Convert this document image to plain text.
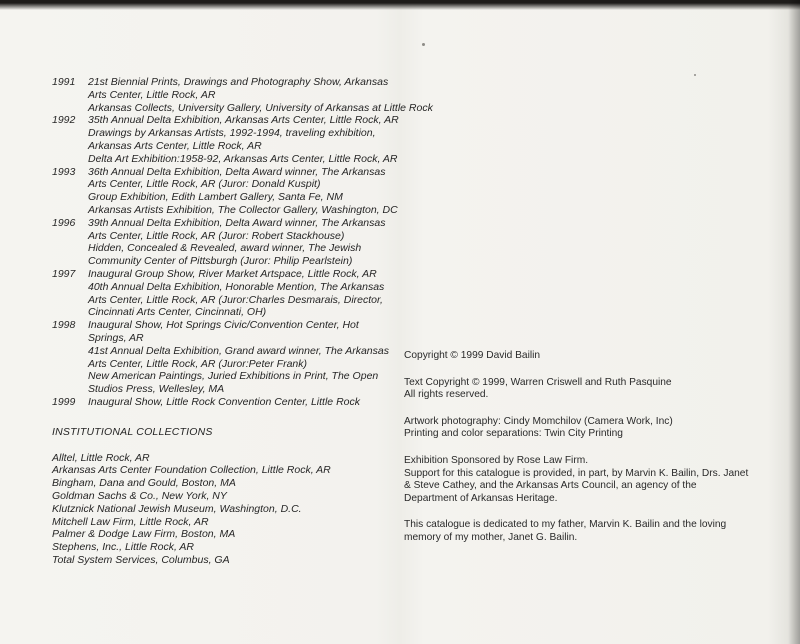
1991	21st Biennial Prints, Drawings and Photography Show, Arkansas
Arts Center, Little Rock, AR
Arkansas Collects, University Gallery, University of Arkansas at Little Rock
1992	35th Annual Delta Exhibition, Arkansas Arts Center, Little Rock, AR
Drawings by Arkansas Artists, 1992-1994, traveling exhibition,
Arkansas Arts Center, Little Rock, AR
Delta Art Exhibition:1958-92, Arkansas Arts Center, Little Rock, AR
1993	36th Annual Delta Exhibition, Delta Award winner, The Arkansas
Arts Center, Little Rock, AR (Juror: Donald Kuspit)
Group Exhibition, Edith Lambert Gallery, Santa Fe, NM
Arkansas Artists Exhibition, The Collector Gallery, Washington, DC
1996	39th Annual Delta Exhibition, Delta Award winner, The Arkansas
Arts Center, Little Rock, AR (Juror: Robert Stackhouse)
Hidden, Concealed & Revealed, award winner, The Jewish
Community Center of Pittsburgh (Juror: Philip Pearlstein)
1997	Inaugural Group Show, River Market Artspace, Little Rock, AR
40th Annual Delta Exhibition, Honorable Mention, The Arkansas
Arts Center, Little Rock, AR (Juror:Charles Desmarais, Director,
Cincinnati Arts Center, Cincinnati, OH)
1998	Inaugural Show, Hot Springs Civic/Convention Center, Hot
Springs, AR
41st Annual Delta Exhibition, Grand award winner, The Arkansas
Arts Center, Little Rock, AR (Juror:Peter Frank)
New American Paintings, Juried Exhibitions in Print, The Open
Studios Press, Wellesley, MA
1999	Inaugural Show, Little Rock Convention Center, Little Rock
INSTITUTIONAL COLLECTIONS
Alltel, Little Rock, AR
Arkansas Arts Center Foundation Collection, Little Rock, AR
Bingham, Dana and Gould, Boston, MA
Goldman Sachs & Co., New York, NY
Klutznick National Jewish Museum, Washington, D.C.
Mitchell Law Firm, Little Rock, AR
Palmer & Dodge Law Firm, Boston, MA
Stephens, Inc., Little Rock, AR
Total System Services, Columbus, GA
Copyright © 1999 David Bailin
Text Copyright © 1999, Warren Criswell and Ruth Pasquine
All rights reserved.
Artwork photography: Cindy Momchilov (Camera Work, Inc)
Printing and color separations: Twin City Printing
Exhibition Sponsored by Rose Law Firm.
Support for this catalogue is provided, in part, by Marvin K. Bailin, Drs. Janet
& Steve Cathey, and the Arkansas Arts Council, an agency of the
Department of Arkansas Heritage.
This catalogue is dedicated to my father, Marvin K. Bailin and the loving
memory of my mother, Janet G. Bailin.
